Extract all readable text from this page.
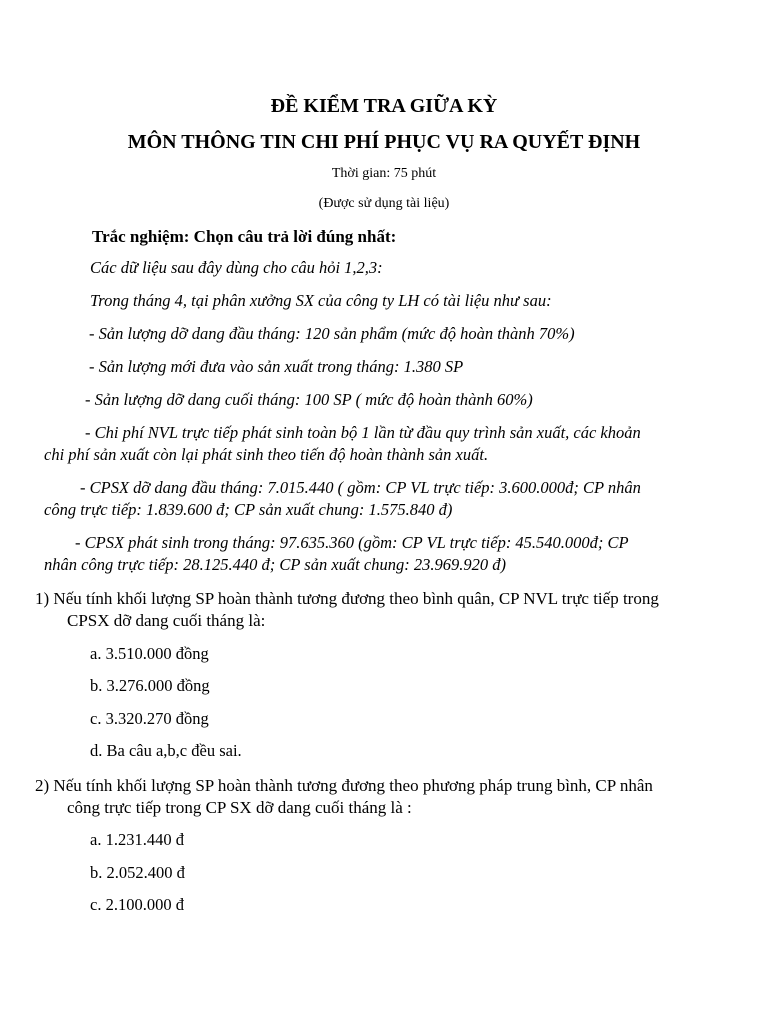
ĐỀ KIỂM TRA GIỮA KỲ
MÔN THÔNG TIN CHI PHÍ PHỤC VỤ RA QUYẾT ĐỊNH
Thời gian: 75 phút
(Được sử dụng tài liệu)
Trắc nghiệm: Chọn câu trả lời đúng nhất:
Các dữ liệu sau đây dùng cho câu hỏi 1,2,3:
Trong tháng 4, tại phân xưởng SX của công ty LH có tài liệu như sau:
- Sản lượng dỡ dang đầu tháng: 120 sản phẩm (mức độ hoàn thành 70%)
- Sản lượng mới đưa vào sản xuất trong tháng: 1.380 SP
- Sản lượng dỡ dang cuối tháng: 100 SP ( mức độ hoàn thành 60%)
- Chi phí NVL trực tiếp phát sinh toàn bộ 1 lần từ đầu quy trình sản xuất, các khoản
chi phí sản xuất còn lại phát sinh theo tiến độ hoàn thành sản xuất.
- CPSX dỡ dang đầu tháng: 7.015.440 ( gồm: CP VL trực tiếp: 3.600.000đ; CP nhân
công trực tiếp: 1.839.600 đ; CP sản xuất chung: 1.575.840 đ)
- CPSX phát sinh trong tháng: 97.635.360 (gồm: CP VL trực tiếp: 45.540.000đ; CP
nhân công trực tiếp: 28.125.440 đ; CP sản xuất chung: 23.969.920 đ)
1) Nếu tính khối lượng SP hoàn thành tương đương theo bình quân, CP NVL trực tiếp trong
CPSX dỡ dang cuối tháng là:
a. 3.510.000 đồng
b. 3.276.000 đồng
c. 3.320.270 đồng
d. Ba câu a,b,c đều sai.
2) Nếu tính khối lượng SP hoàn thành tương đương theo phương pháp trung bình, CP nhân
công trực tiếp trong CP SX dỡ dang cuối tháng là :
a. 1.231.440 đ
b. 2.052.400 đ
c. 2.100.000 đ
